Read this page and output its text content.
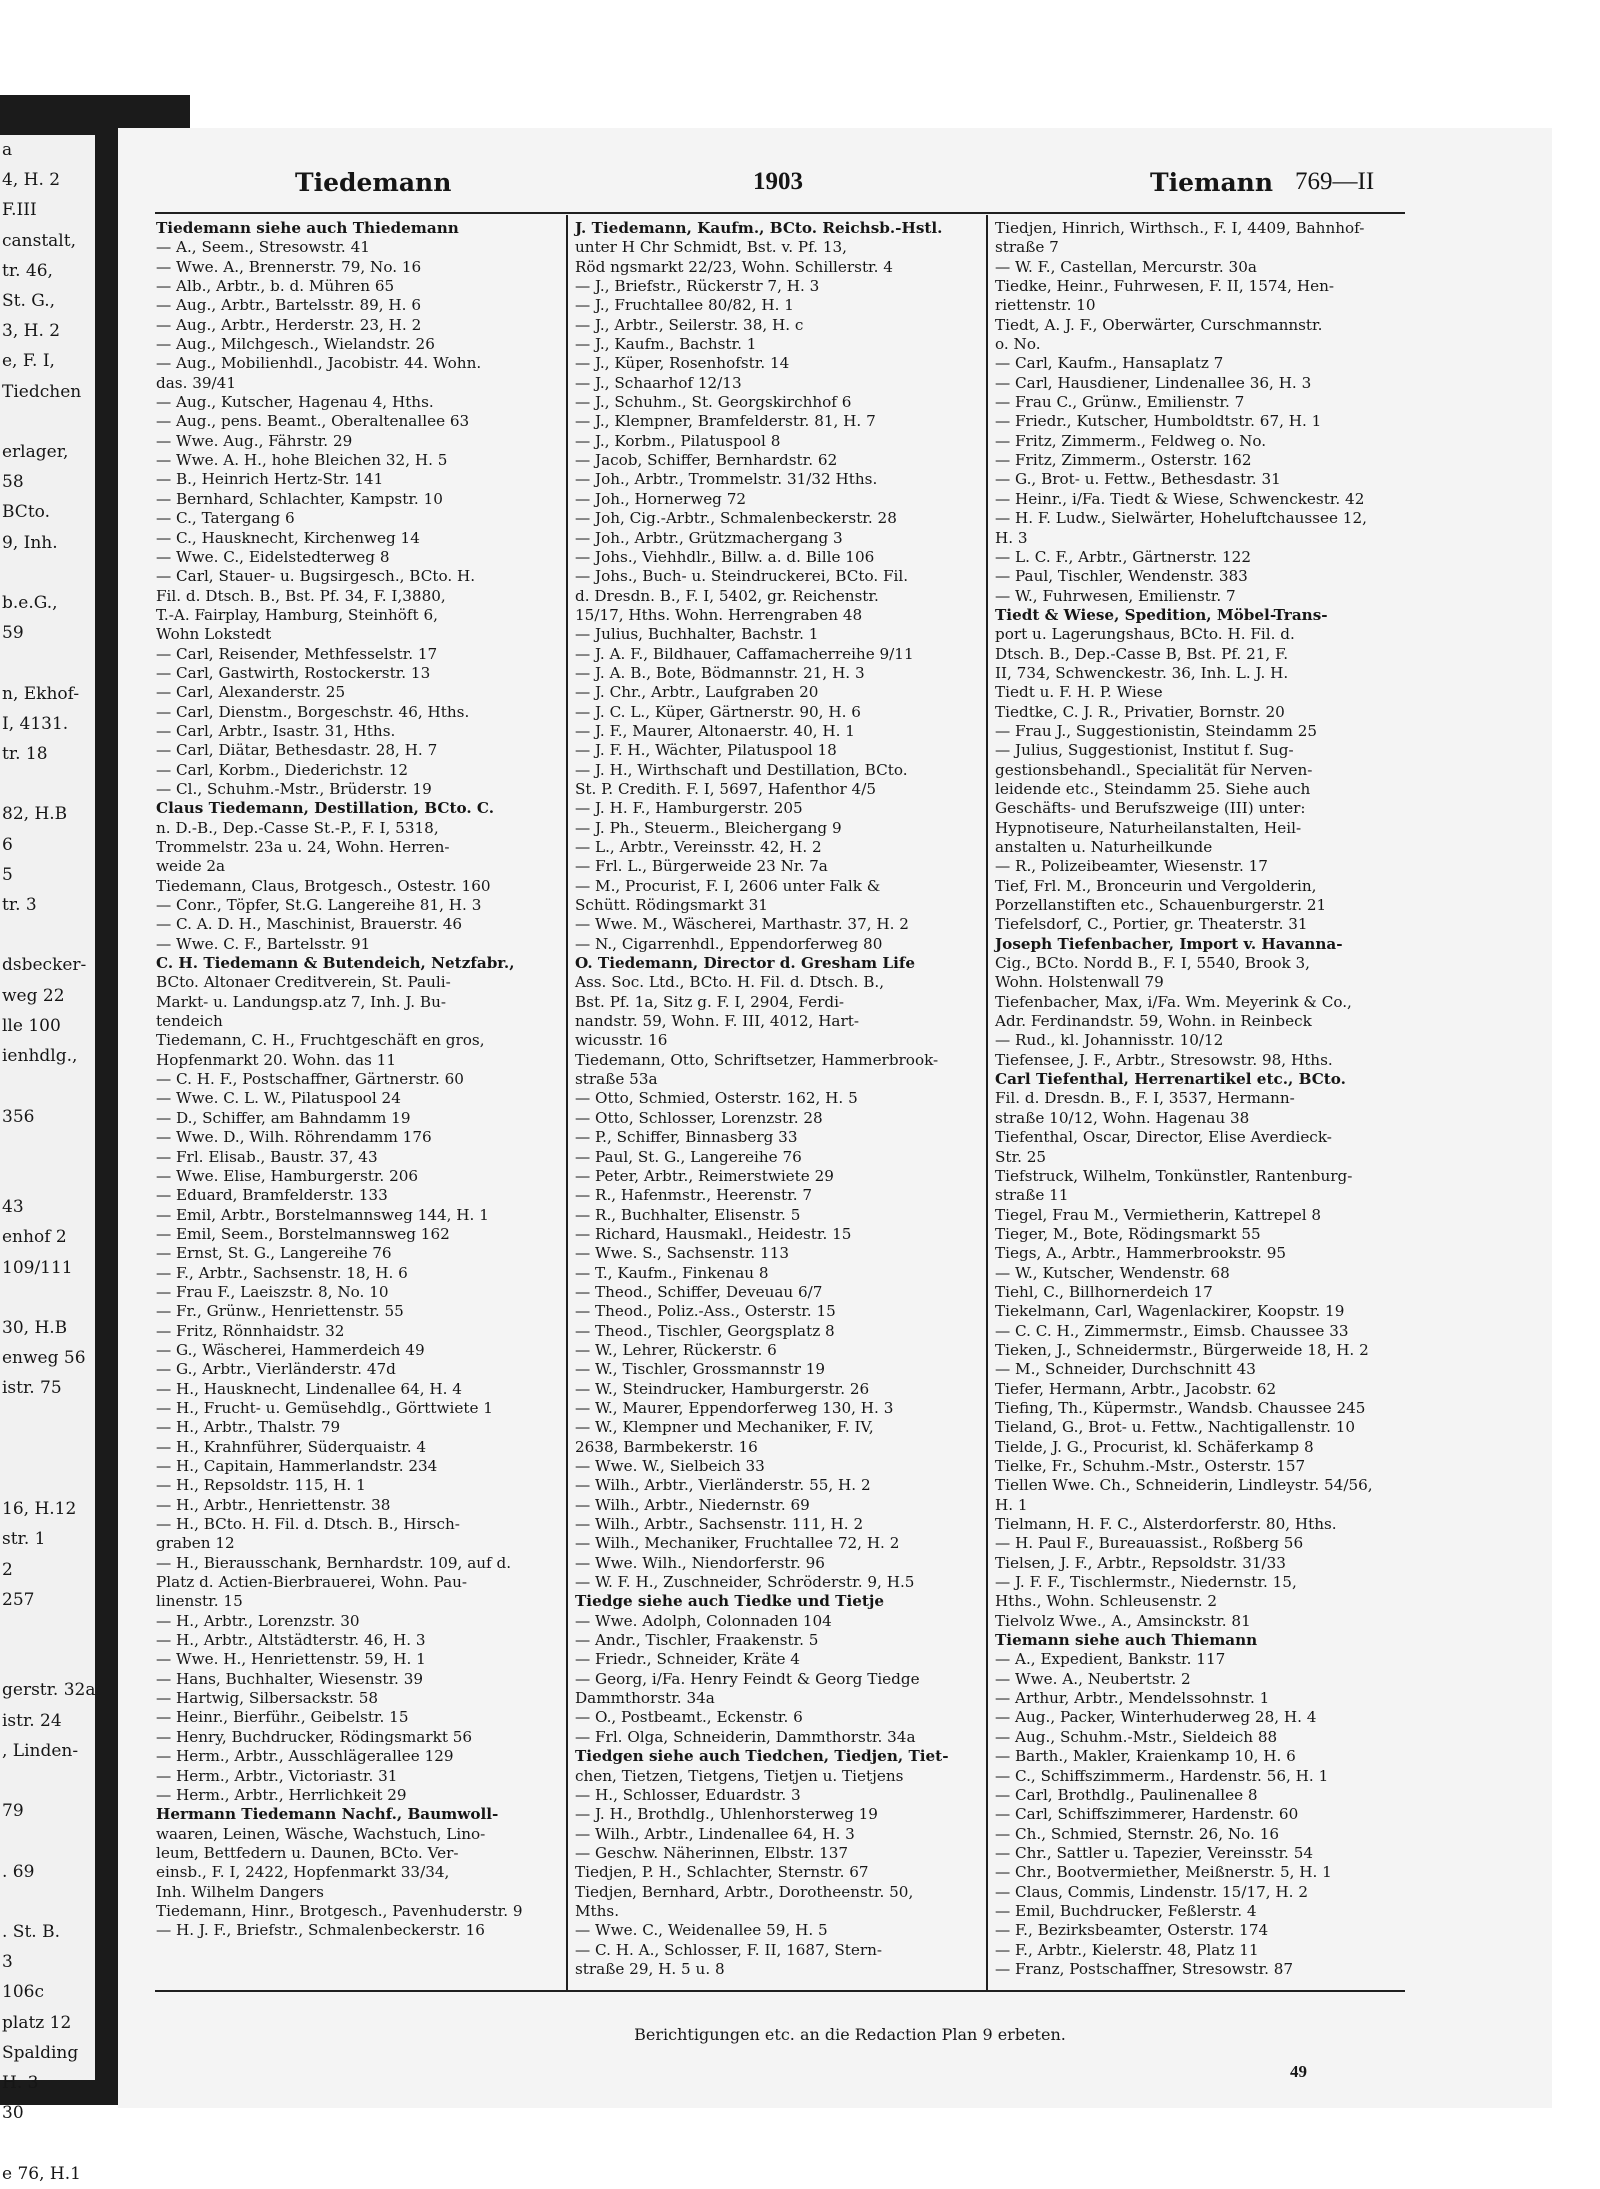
a
4, H. 2
F.III
canstalt,
tr. 46,
St. G.,
3, H. 2
e, F. I,
Tiedchen

erlager,
58
BCto.
9, Inh.

b.e.G.,
59

n, Ekhof-
I, 4131.
tr. 18

82, H.B
6
5
tr. 3

dsbecker-
weg 22
lle 100
ienhdlg.,

356

43
enhof 2
109/111

30, H.B
enweg 56
istr. 75

16, H.12
str. 1
2
257

gerstr. 32a
istr. 24
, Linden-

79

. 69

. St. B.
3
106c
platz 12
Spalding
H. 3
30

e 76, H.1
Tiedemann	1903	Tiemann 769—II
Tiedemann siehe auch Thiedemann
— A., Seem., Stresowstr. 41
— Wwe. A., Brennerstr. 79, No. 16
— Alb., Arbtr., b. d. Mühren 65
— Aug., Arbtr., Bartelsstr. 89, H. 6
— Aug., Arbtr., Herderstr. 23, H. 2
— Aug., Milchgesch., Wielandstr. 26
— Aug., Mobilienhdl., Jacobistr. 44. Wohn.
das. 39/41
— Aug., Kutscher, Hagenau 4, Hths.
— Aug., pens. Beamt., Oberaltenallee 63
— Wwe. Aug., Fährstr. 29
— Wwe. A. H., hohe Bleichen 32, H. 5
— B., Heinrich Hertz-Str. 141
— Bernhard, Schlachter, Kampstr. 10
— C., Tatergang 6
— C., Hausknecht, Kirchenweg 14
— Wwe. C., Eidelstedterweg 8
— Carl, Stauer- u. Bugsirgesch., BCto. H.
Fil. d. Dtsch. B., Bst. Pf. 34, F. I,3880,
T.-A. Fairplay, Hamburg, Steinhöft 6,
Wohn Lokstedt
— Carl, Reisender, Methfesselstr. 17
— Carl, Gastwirth, Rostockerstr. 13
— Carl, Alexanderstr. 25
— Carl, Dienstm., Borgeschstr. 46, Hths.
— Carl, Arbtr., Isastr. 31, Hths.
— Carl, Diätar, Bethesdastr. 28, H. 7
— Carl, Korbm., Diederichstr. 12
— Cl., Schuhm.-Mstr., Brüderstr. 19
Claus Tiedemann, Destillation, BCto. C.
n. D.-B., Dep.-Casse St.-P., F. I, 5318,
Trommelstr. 23a u. 24, Wohn. Herren-
weide 2a
Tiedemann, Claus, Brotgesch., Ostestr. 160
— Conr., Töpfer, St.G. Langereihe 81, H. 3
— C. A. D. H., Maschinist, Brauerstr. 46
— Wwe. C. F., Bartelsstr. 91
C. H. Tiedemann & Butendeich, Netzfabr.,
BCto. Altonaer Creditverein, St. Pauli-
Markt- u. Landungsp.atz 7, Inh. J. Bu-
tendeich
Tiedemann, C. H., Fruchtgeschäft en gros,
Hopfenmarkt 20. Wohn. das 11
— C. H. F., Postschaffner, Gärtnerstr. 60
— Wwe. C. L. W., Pilatuspool 24
— D., Schiffer, am Bahndamm 19
— Wwe. D., Wilh. Röhrendamm 176
— Frl. Elisab., Baustr. 37, 43
— Wwe. Elise, Hamburgerstr. 206
— Eduard, Bramfelderstr. 133
— Emil, Arbtr., Borstelmannsweg 144, H. 1
— Emil, Seem., Borstelmannsweg 162
— Ernst, St. G., Langereihe 76
— F., Arbtr., Sachsenstr. 18, H. 6
— Frau F., Laeiszstr. 8, No. 10
— Fr., Grünw., Henriettenstr. 55
— Fritz, Rönnhaidstr. 32
— G., Wäscherei, Hammerdeich 49
— G., Arbtr., Vierländerstr. 47d
— H., Hausknecht, Lindenallee 64, H. 4
— H., Frucht- u. Gemüsehdlg., Görttwiete 1
— H., Arbtr., Thalstr. 79
— H., Krahnführer, Süderquaistr. 4
— H., Capitain, Hammerlandstr. 234
— H., Repsoldstr. 115, H. 1
— H., Arbtr., Henriettenstr. 38
— H., BCto. H. Fil. d. Dtsch. B., Hirsch-
graben 12
— H., Bierausschank, Bernhardstr. 109, auf d.
Platz d. Actien-Bierbrauerei, Wohn. Pau-
linenstr. 15
— H., Arbtr., Lorenzstr. 30
— H., Arbtr., Altstädterstr. 46, H. 3
— Wwe. H., Henriettenstr. 59, H. 1
— Hans, Buchhalter, Wiesenstr. 39
— Hartwig, Silbersackstr. 58
— Heinr., Bierführ., Geibelstr. 15
— Henry, Buchdrucker, Rödingsmarkt 56
— Herm., Arbtr., Ausschlägerallee 129
— Herm., Arbtr., Victoriastr. 31
— Herm., Arbtr., Herrlichkeit 29
Hermann Tiedemann Nachf., Baumwoll-
waaren, Leinen, Wäsche, Wachstuch, Lino-
leum, Bettfedern u. Daunen, BCto. Ver-
einsb., F. I, 2422, Hopfenmarkt 33/34,
Inh. Wilhelm Dangers
Tiedemann, Hinr., Brotgesch., Pavenhuderstr. 9
— H. J. F., Briefstr., Schmalenbeckerstr. 16
J. Tiedemann, Kaufm., BCto. Reichsb.-Hstl.
unter H Chr Schmidt, Bst. v. Pf. 13,
Röd ngsmarkt 22/23, Wohn. Schillerstr. 4
— J., Briefstr., Rückerstr 7, H. 3
— J., Fruchtallee 80/82, H. 1
— J., Arbtr., Seilerstr. 38, H. c
— J., Kaufm., Bachstr. 1
— J., Küper, Rosenhofstr. 14
— J., Schaarhof 12/13
— J., Schuhm., St. Georgskirchhof 6
— J., Klempner, Bramfelderstr. 81, H. 7
— J., Korbm., Pilatuspool 8
— Jacob, Schiffer, Bernhardstr. 62
— Joh., Arbtr., Trommelstr. 31/32 Hths.
— Joh., Hornerweg 72
— Joh, Cig.-Arbtr., Schmalenbeckerstr. 28
— Joh., Arbtr., Grützmachergang 3
— Johs., Viehhdlr., Billw. a. d. Bille 106
— Johs., Buch- u. Steindruckerei, BCto. Fil.
d. Dresdn. B., F. I, 5402, gr. Reichenstr.
15/17, Hths. Wohn. Herrengraben 48
— Julius, Buchhalter, Bachstr. 1
— J. A. F., Bildhauer, Caffamacherreihe 9/11
— J. A. B., Bote, Bödmannstr. 21, H. 3
— J. Chr., Arbtr., Laufgraben 20
— J. C. L., Küper, Gärtnerstr. 90, H. 6
— J. F., Maurer, Altonaerstr. 40, H. 1
— J. F. H., Wächter, Pilatuspool 18
— J. H., Wirthschaft und Destillation, BCto.
St. P. Credith. F. I, 5697, Hafenthor 4/5
— J. H. F., Hamburgerstr. 205
— J. Ph., Steuerm., Bleichergang 9
— L., Arbtr., Vereinsstr. 42, H. 2
— Frl. L., Bürgerweide 23 Nr. 7a
— M., Procurist, F. I, 2606 unter Falk &
Schütt. Rödingsmarkt 31
— Wwe. M., Wäscherei, Marthastr. 37, H. 2
— N., Cigarrenhdl., Eppendorferweg 80
O. Tiedemann, Director d. Gresham Life
Ass. Soc. Ltd., BCto. H. Fil. d. Dtsch. B.,
Bst. Pf. 1a, Sitz g. F. I, 2904, Ferdi-
nandstr. 59, Wohn. F. III, 4012, Hart-
wicusstr. 16
Tiedemann, Otto, Schriftsetzer, Hammerbrook-
straße 53a
— Otto, Schmied, Osterstr. 162, H. 5
— Otto, Schlosser, Lorenzstr. 28
— P., Schiffer, Binnasberg 33
— Paul, St. G., Langereihe 76
— Peter, Arbtr., Reimerstwiete 29
— R., Hafenmstr., Heerenstr. 7
— R., Buchhalter, Elisenstr. 5
— Richard, Hausmakl., Heidestr. 15
— Wwe. S., Sachsenstr. 113
— T., Kaufm., Finkenau 8
— Theod., Schiffer, Deveuau 6/7
— Theod., Poliz.-Ass., Osterstr. 15
— Theod., Tischler, Georgsplatz 8
— W., Lehrer, Rückerstr. 6
— W., Tischler, Grossmannstr 19
— W., Steindrucker, Hamburgerstr. 26
— W., Maurer, Eppendorferweg 130, H. 3
— W., Klempner und Mechaniker, F. IV,
2638, Barmbekerstr. 16
— Wwe. W., Sielbeich 33
— Wilh., Arbtr., Vierländerstr. 55, H. 2
— Wilh., Arbtr., Niedernstr. 69
— Wilh., Arbtr., Sachsenstr. 111, H. 2
— Wilh., Mechaniker, Fruchtallee 72, H. 2
— Wwe. Wilh., Niendorferstr. 96
— W. F. H., Zuschneider, Schröderstr. 9, H.5
Tiedge siehe auch Tiedke und Tietje
— Wwe. Adolph, Colonnaden 104
— Andr., Tischler, Fraakenstr. 5
— Friedr., Schneider, Kräte 4
— Georg, i/Fa. Henry Feindt & Georg Tiedge
Dammthorstr. 34a
— O., Postbeamt., Eckenstr. 6
— Frl. Olga, Schneiderin, Dammthorstr. 34a
Tiedgen siehe auch Tiedchen, Tiedjen, Tiet-
chen, Tietzen, Tietgens, Tietjen u. Tietjens
— H., Schlosser, Eduardstr. 3
— J. H., Brothdlg., Uhlenhorsterweg 19
— Wilh., Arbtr., Lindenallee 64, H. 3
— Geschw. Näherinnen, Elbstr. 137
Tiedjen, P. H., Schlachter, Sternstr. 67
Tiedjen, Bernhard, Arbtr., Dorotheenstr. 50,
Mths.
— Wwe. C., Weidenallee 59, H. 5
— C. H. A., Schlosser, F. II, 1687, Stern-
straße 29, H. 5 u. 8
Tiedjen, Hinrich, Wirthsch., F. I, 4409, Bahnhof-
straße 7
— W. F., Castellan, Mercurstr. 30a
Tiedke, Heinr., Fuhrwesen, F. II, 1574, Hen-
riettenstr. 10
Tiedt, A. J. F., Oberwärter, Curschmannstr.
o. No.
— Carl, Kaufm., Hansaplatz 7
— Carl, Hausdiener, Lindenallee 36, H. 3
— Frau C., Grünw., Emilienstr. 7
— Friedr., Kutscher, Humboldtstr. 67, H. 1
— Fritz, Zimmerm., Feldweg o. No.
— Fritz, Zimmerm., Osterstr. 162
— G., Brot- u. Fettw., Bethesdastr. 31
— Heinr., i/Fa. Tiedt & Wiese, Schwenckestr. 42
— H. F. Ludw., Sielwärter, Hoheluftchaussee 12,
H. 3
— L. C. F., Arbtr., Gärtnerstr. 122
— Paul, Tischler, Wendenstr. 383
— W., Fuhrwesen, Emilienstr. 7
Tiedt & Wiese, Spedition, Möbel-Trans-
port u. Lagerungshaus, BCto. H. Fil. d.
Dtsch. B., Dep.-Casse B, Bst. Pf. 21, F.
II, 734, Schwenckestr. 36, Inh. L. J. H.
Tiedt u. F. H. P. Wiese
Tiedtke, C. J. R., Privatier, Bornstr. 20
— Frau J., Suggestionistin, Steindamm 25
— Julius, Suggestionist, Institut f. Sug-
gestionsbehandl., Specialität für Nerven-
leidende etc., Steindamm 25. Siehe auch
Geschäfts- und Berufszweige (III) unter:
Hypnotiseure, Naturheilanstalten, Heil-
anstalten u. Naturheilkunde
— R., Polizeibeamter, Wiesenstr. 17
Tief, Frl. M., Bronceurin und Vergolderin,
Porzellanstiften etc., Schauenburgerstr. 21
Tiefelsdorf, C., Portier, gr. Theaterstr. 31
Joseph Tiefenbacher, Import v. Havanna-
Cig., BCto. Nordd B., F. I, 5540, Brook 3,
Wohn. Holstenwall 79
Tiefenbacher, Max, i/Fa. Wm. Meyerink & Co.,
Adr. Ferdinandstr. 59, Wohn. in Reinbeck
— Rud., kl. Johannisstr. 10/12
Tiefensee, J. F., Arbtr., Stresowstr. 98, Hths.
Carl Tiefenthal, Herrenartikel etc., BCto.
Fil. d. Dresdn. B., F. I, 3537, Hermann-
straße 10/12, Wohn. Hagenau 38
Tiefenthal, Oscar, Director, Elise Averdieck-
Str. 25
Tiefstruck, Wilhelm, Tonkünstler, Rantenburg-
straße 11
Tiegel, Frau M., Vermietherin, Kattrepel 8
Tieger, M., Bote, Rödingsmarkt 55
Tiegs, A., Arbtr., Hammerbrookstr. 95
— W., Kutscher, Wendenstr. 68
Tiehl, C., Billhornerdeich 17
Tiekelmann, Carl, Wagenlackirer, Koopstr. 19
— C. C. H., Zimmermstr., Eimsb. Chaussee 33
Tieken, J., Schneidermstr., Bürgerweide 18, H. 2
— M., Schneider, Durchschnitt 43
Tiefer, Hermann, Arbtr., Jacobstr. 62
Tiefing, Th., Küpermstr., Wandsb. Chaussee 245
Tieland, G., Brot- u. Fettw., Nachtigallenstr. 10
Tielde, J. G., Procurist, kl. Schäferkamp 8
Tielke, Fr., Schuhm.-Mstr., Osterstr. 157
Tiellen Wwe. Ch., Schneiderin, Lindleystr. 54/56,
H. 1
Tielmann, H. F. C., Alsterdorferstr. 80, Hths.
— H. Paul F., Bureauassist., Roßberg 56
Tielsen, J. F., Arbtr., Repsoldstr. 31/33
— J. F. F., Tischlermstr., Niedernstr. 15,
Hths., Wohn. Schleusenstr. 2
Tielvolz Wwe., A., Amsinckstr. 81
Tiemann siehe auch Thiemann
— A., Expedient, Bankstr. 117
— Wwe. A., Neubertstr. 2
— Arthur, Arbtr., Mendelssohnstr. 1
— Aug., Packer, Winterhuderweg 28, H. 4
— Aug., Schuhm.-Mstr., Sieldeich 88
— Barth., Makler, Kraienkamp 10, H. 6
— C., Schiffszimmerm., Hardenstr. 56, H. 1
— Carl, Brothdlg., Paulinenallee 8
— Carl, Schiffszimmerer, Hardenstr. 60
— Ch., Schmied, Sternstr. 26, No. 16
— Chr., Sattler u. Tapezier, Vereinsstr. 54
— Chr., Bootvermiether, Meißnerstr. 5, H. 1
— Claus, Commis, Lindenstr. 15/17, H. 2
— Emil, Buchdrucker, Feßlerstr. 4
— F., Bezirksbeamter, Osterstr. 174
— F., Arbtr., Kielerstr. 48, Platz 11
— Franz, Postschaffner, Stresowstr. 87
Berichtigungen etc. an die Redaction Plan 9 erbeten.
49
